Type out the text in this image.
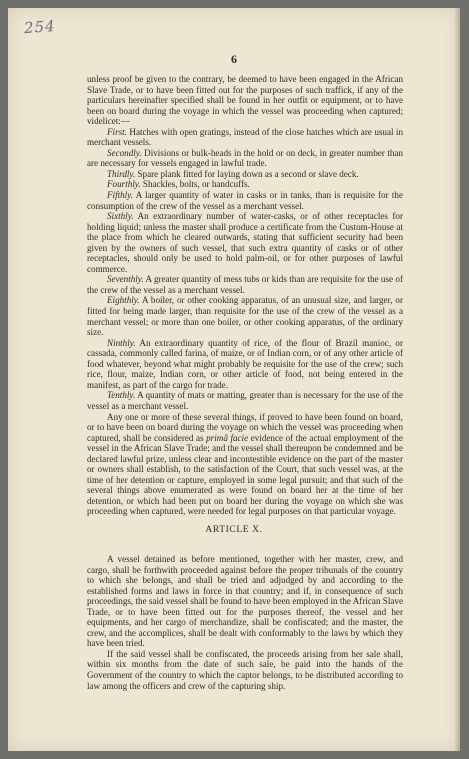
254
6

unless proof be given to the contrary, be deemed to have been engaged in the African Slave Trade, or to have been fitted out for the purposes of such traffick, if any of the particulars hereinafter specified shall be found in her outfit or equipment, or to have been on board during the voyage in which the vessel was proceeding when captured; videlicet:—

First. Hatches with open gratings, instead of the close hatches which are usual in merchant vessels.

Secondly. Divisions or bulk-heads in the hold or on deck, in greater number than are necessary for vessels engaged in lawful trade.

Thirdly. Spare plank fitted for laying down as a second or slave deck.

Fourthly. Shackles, bolts, or handcuffs.

Fifthly. A larger quantity of water in casks or in tanks, than is requisite for the consumption of the crew of the vessel as a merchant vessel.

Sixthly. An extraordinary number of water-casks, or of other receptacles for holding liquid; unless the master shall produce a certificate from the Custom-House at the place from which he cleared outwards, stating that sufficient security had been given by the owners of such vessel, that such extra quantity of casks or of other receptacles, should only be used to hold palm-oil, or for other purposes of lawful commerce.

Seventhly. A greater quantity of mess tubs or kids than are requisite for the use of the crew of the vessel as a merchant vessel.

Eighthly. A boiler, or other cooking apparatus, of an unusual size, and larger, or fitted for being made larger, than requisite for the use of the crew of the vessel as a merchant vessel; or more than one boiler, or other cooking apparatus, of the ordinary size.

Ninthly. An extraordinary quantity of rice, of the flour of Brazil manioc, or cassada, commonly called farina, of maize, or of Indian corn, or of any other article of food whatever, beyond what might probably be requisite for the use of the crew; such rice, flour, maize, Indian corn, or other article of food, not being entered in the manifest, as part of the cargo for trade.

Tenthly. A quantity of mats or matting, greater than is necessary for the use of the vessel as a merchant vessel.

Any one or more of these several things, if proved to have been found on board, or to have been on board during the voyage on which the vessel was proceeding when captured, shall be considered as primâ facie evidence of the actual employment of the vessel in the African Slave Trade; and the vessel shall thereupon be condemned and be declared lawful prize, unless clear and incontestible evidence on the part of the master or owners shall establish, to the satisfaction of the Court, that such vessel was, at the time of her detention or capture, employed in some legal pursuit; and that such of the several things above enumerated as were found on board her at the time of her detention, or which had been put on board her during the voyage on which she was proceeding when captured, were needed for legal purposes on that particular voyage.

ARTICLE X.

A vessel detained as before mentioned, together with her master, crew, and cargo, shall be forthwith proceeded against before the proper tribunals of the country to which she belongs, and shall be tried and adjudged by and according to the established forms and laws in force in that country; and if, in consequence of such proceedings, the said vessel shall be found to have been employed in the African Slave Trade, or to have been fitted out for the purposes thereof, the vessel and her equipments, and her cargo of merchandize, shall be confiscated; and the master, the crew, and the accomplices, shall be dealt with conformably to the laws by which they have been tried.

If the said vessel shall be confiscated, the proceeds arising from her sale shall, within six months from the date of such sale, be paid into the hands of the Government of the country to which the captor belongs, to be distributed according to law among the officers and crew of the capturing ship.
